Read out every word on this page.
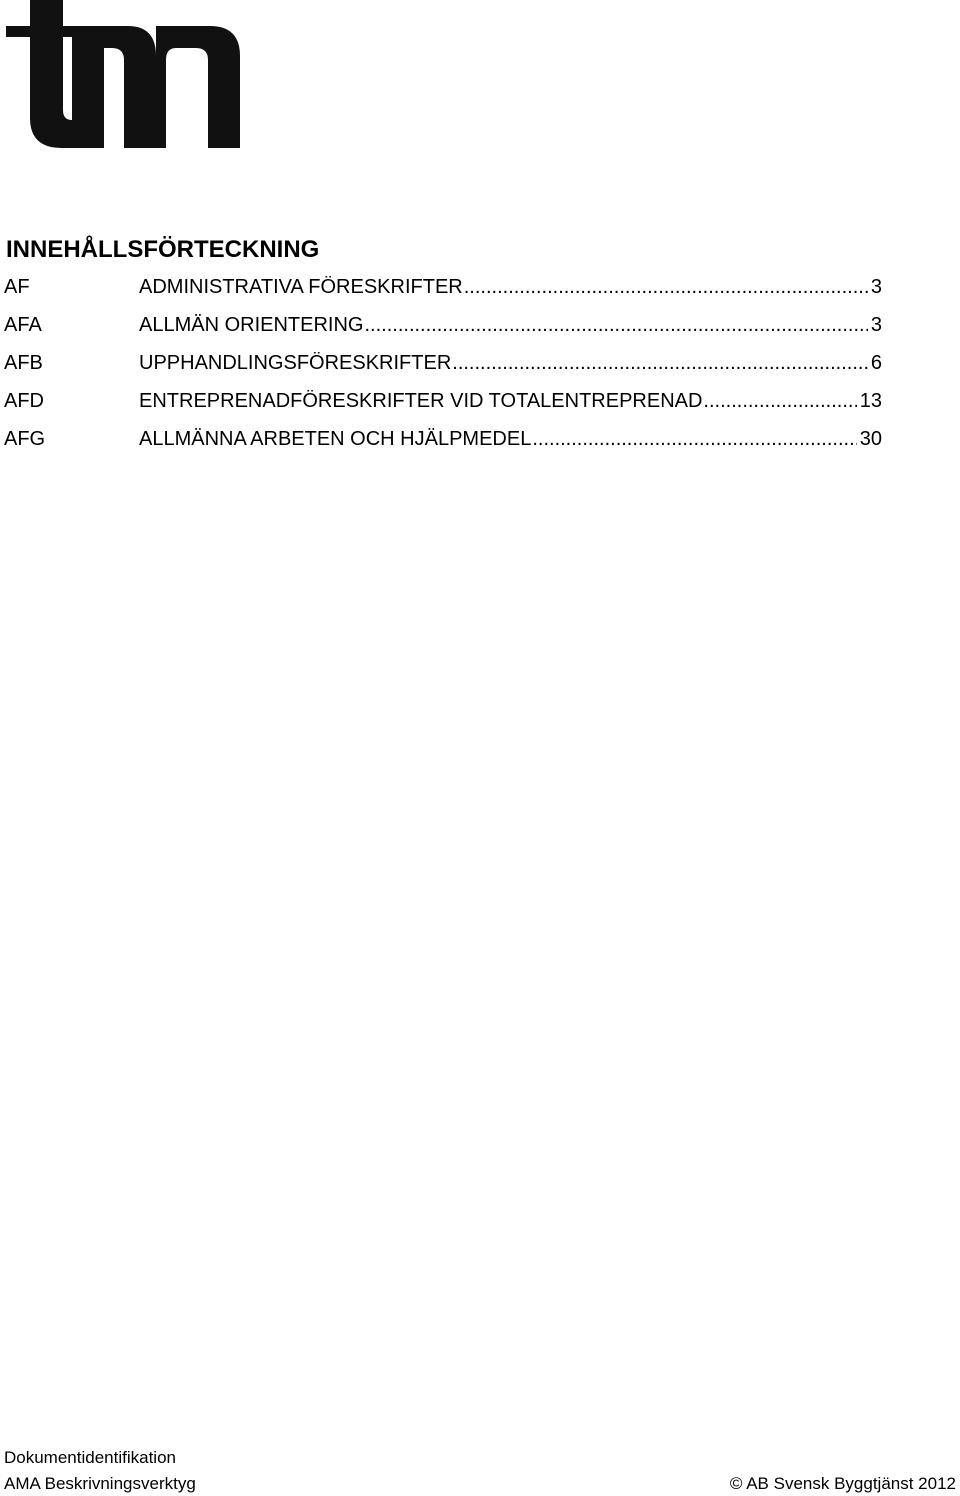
INNEHÅLLSFÖRTECKNING
AF	ADMINISTRATIVA FÖRESKRIFTER .....	3
AFA	ALLMÄN ORIENTERING .....	3
AFB	UPPHANDLINGSFÖRESKRIFTER .....	6
AFD	ENTREPRENADFÖRESKRIFTER VID TOTALENTREPRENAD .....	13
AFG	ALLMÄNNA ARBETEN OCH HJÄLPMEDEL .....	30
Dokumentidentifikation
AMA Beskrivningsverktyg	© AB Svensk Byggtjänst 2012
